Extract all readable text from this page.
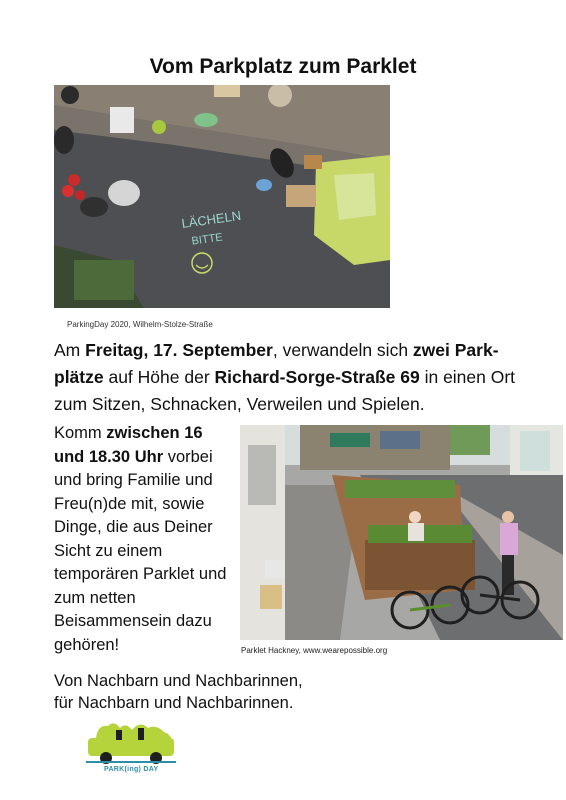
Vom Parkplatz zum Parklet
LÄCHELN
BITTE
ParkingDay 2020, Wilhelm-Stolze-Straße

Am Freitag, 17. September, verwandeln sich zwei Park-plätze auf Höhe der Richard-Sorge-Straße 69 in einen Ort zum Sitzen, Schnacken, Verweilen und Spielen.

Komm zwischen 16 und 18.30 Uhr vorbei und bring Familie und Freu(n)de mit, sowie Dinge, die aus Deiner Sicht zu einem temporären Parklet und zum netten Beisammensein dazu gehören!	Parklet Hackney, www.wearepossible.org

Von Nachbarn und Nachbarinnen,
für Nachbarn und Nachbarinnen.

PARK(ing) DAY
